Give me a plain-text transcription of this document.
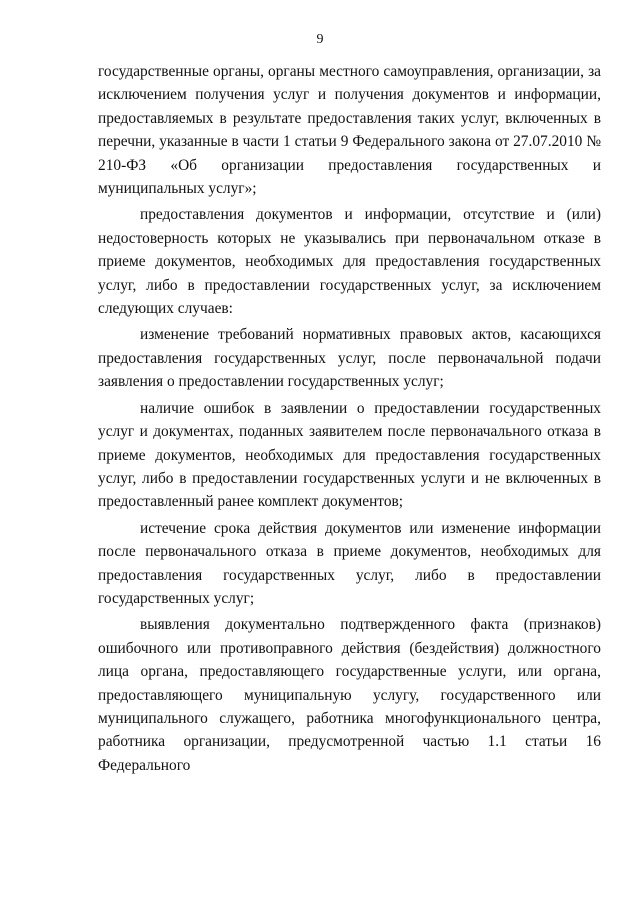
9

государственные органы, органы местного самоуправления, организации, за исключением получения услуг и получения документов и информации, предоставляемых в результате предоставления таких услуг, включенных в перечни, указанные в части 1 статьи 9 Федерального закона от 27.07.2010 № 210-ФЗ «Об организации предоставления государственных и муниципальных услуг»;

предоставления документов и информации, отсутствие и (или) недостоверность которых не указывались при первоначальном отказе в приеме документов, необходимых для предоставления государственных услуг, либо в предоставлении государственных услуг, за исключением следующих случаев:

изменение требований нормативных правовых актов, касающихся предоставления государственных услуг, после первоначальной подачи заявления о предоставлении государственных услуг;

наличие ошибок в заявлении о предоставлении государственных услуг и документах, поданных заявителем после первоначального отказа в приеме документов, необходимых для предоставления государственных услуг, либо в предоставлении государственных услуги и не включенных в предоставленный ранее комплект документов;

истечение срока действия документов или изменение информации после первоначального отказа в приеме документов, необходимых для предоставления государственных услуг, либо в предоставлении государственных услуг;

выявления документально подтвержденного факта (признаков) ошибочного или противоправного действия (бездействия) должностного лица органа, предоставляющего государственные услуги, или органа, предоставляющего муниципальную услугу, государственного или муниципального служащего, работника многофункционального центра, работника организации, предусмотренной частью 1.1 статьи 16 Федерального
